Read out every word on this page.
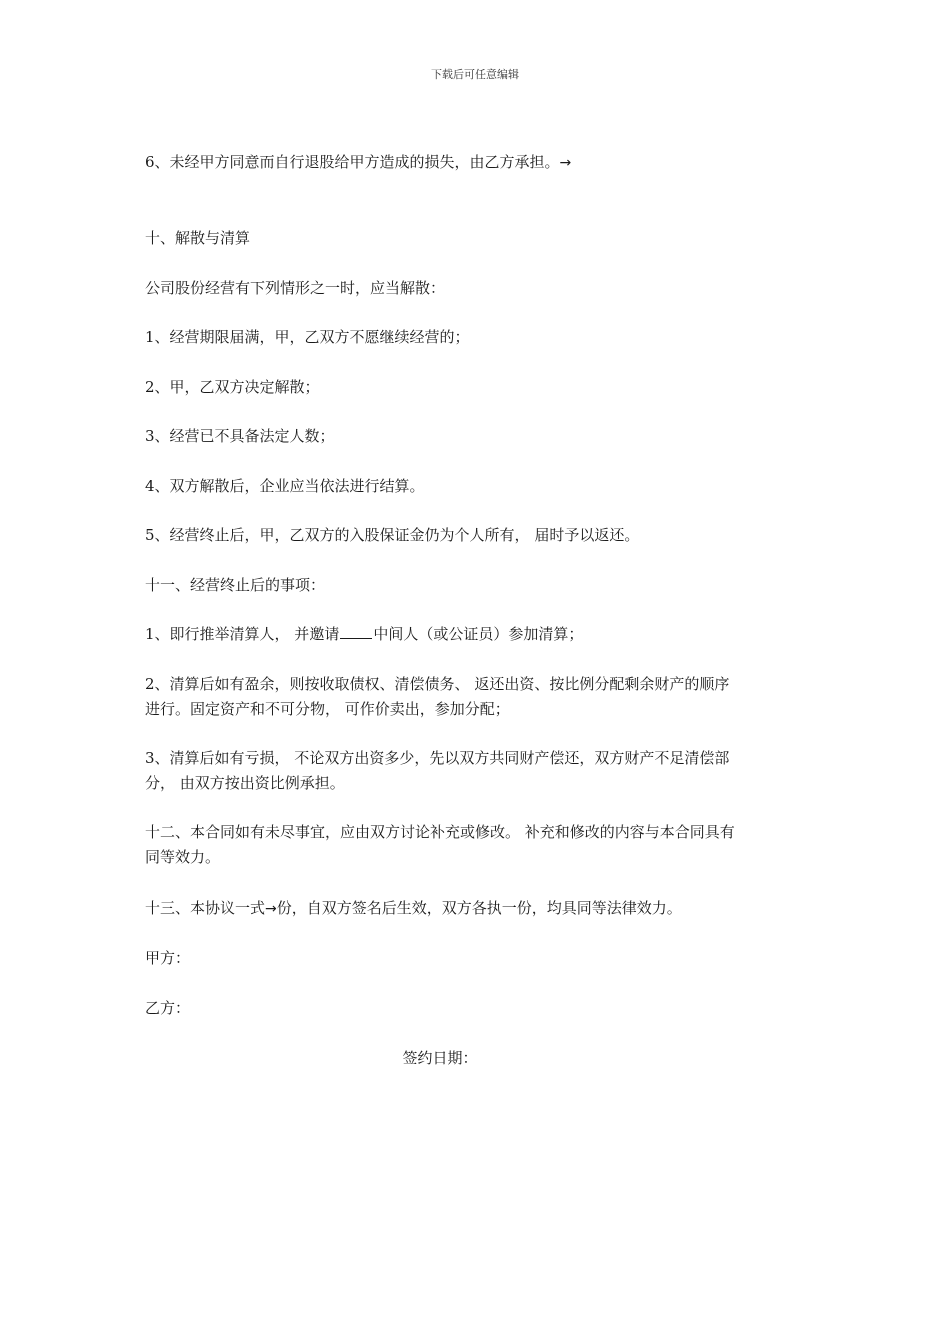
下载后可任意编辑
6、未经甲方同意而自行退股给甲方造成的损失，由乙方承担。→
十、解散与清算
公司股份经营有下列情形之一时，应当解散：
1、经营期限届满，甲，乙双方不愿继续经营的；
2、甲，乙双方决定解散；
3、经营已不具备法定人数；
4、双方解散后，企业应当依法进行结算。
5、经营终止后，甲，乙双方的入股保证金仍为个人所有， 届时予以返还。
十一、经营终止后的事项：
1、即行推举清算人， 并邀请 中间人（或公证员）参加清算；
2、清算后如有盈余，则按收取债权、清偿债务、 返还出资、按比例分配剩余财产的顺序
进行。固定资产和不可分物， 可作价卖出，参加分配；
3、清算后如有亏损， 不论双方出资多少，先以双方共同财产偿还，双方财产不足清偿部
分， 由双方按出资比例承担。
十二、本合同如有未尽事宜，应由双方讨论补充或修改。 补充和修改的内容与本合同具有
同等效力。
十三、本协议一式→份，自双方签名后生效，双方各执一份，均具同等法律效力。
甲方：
乙方：
签约日期：
